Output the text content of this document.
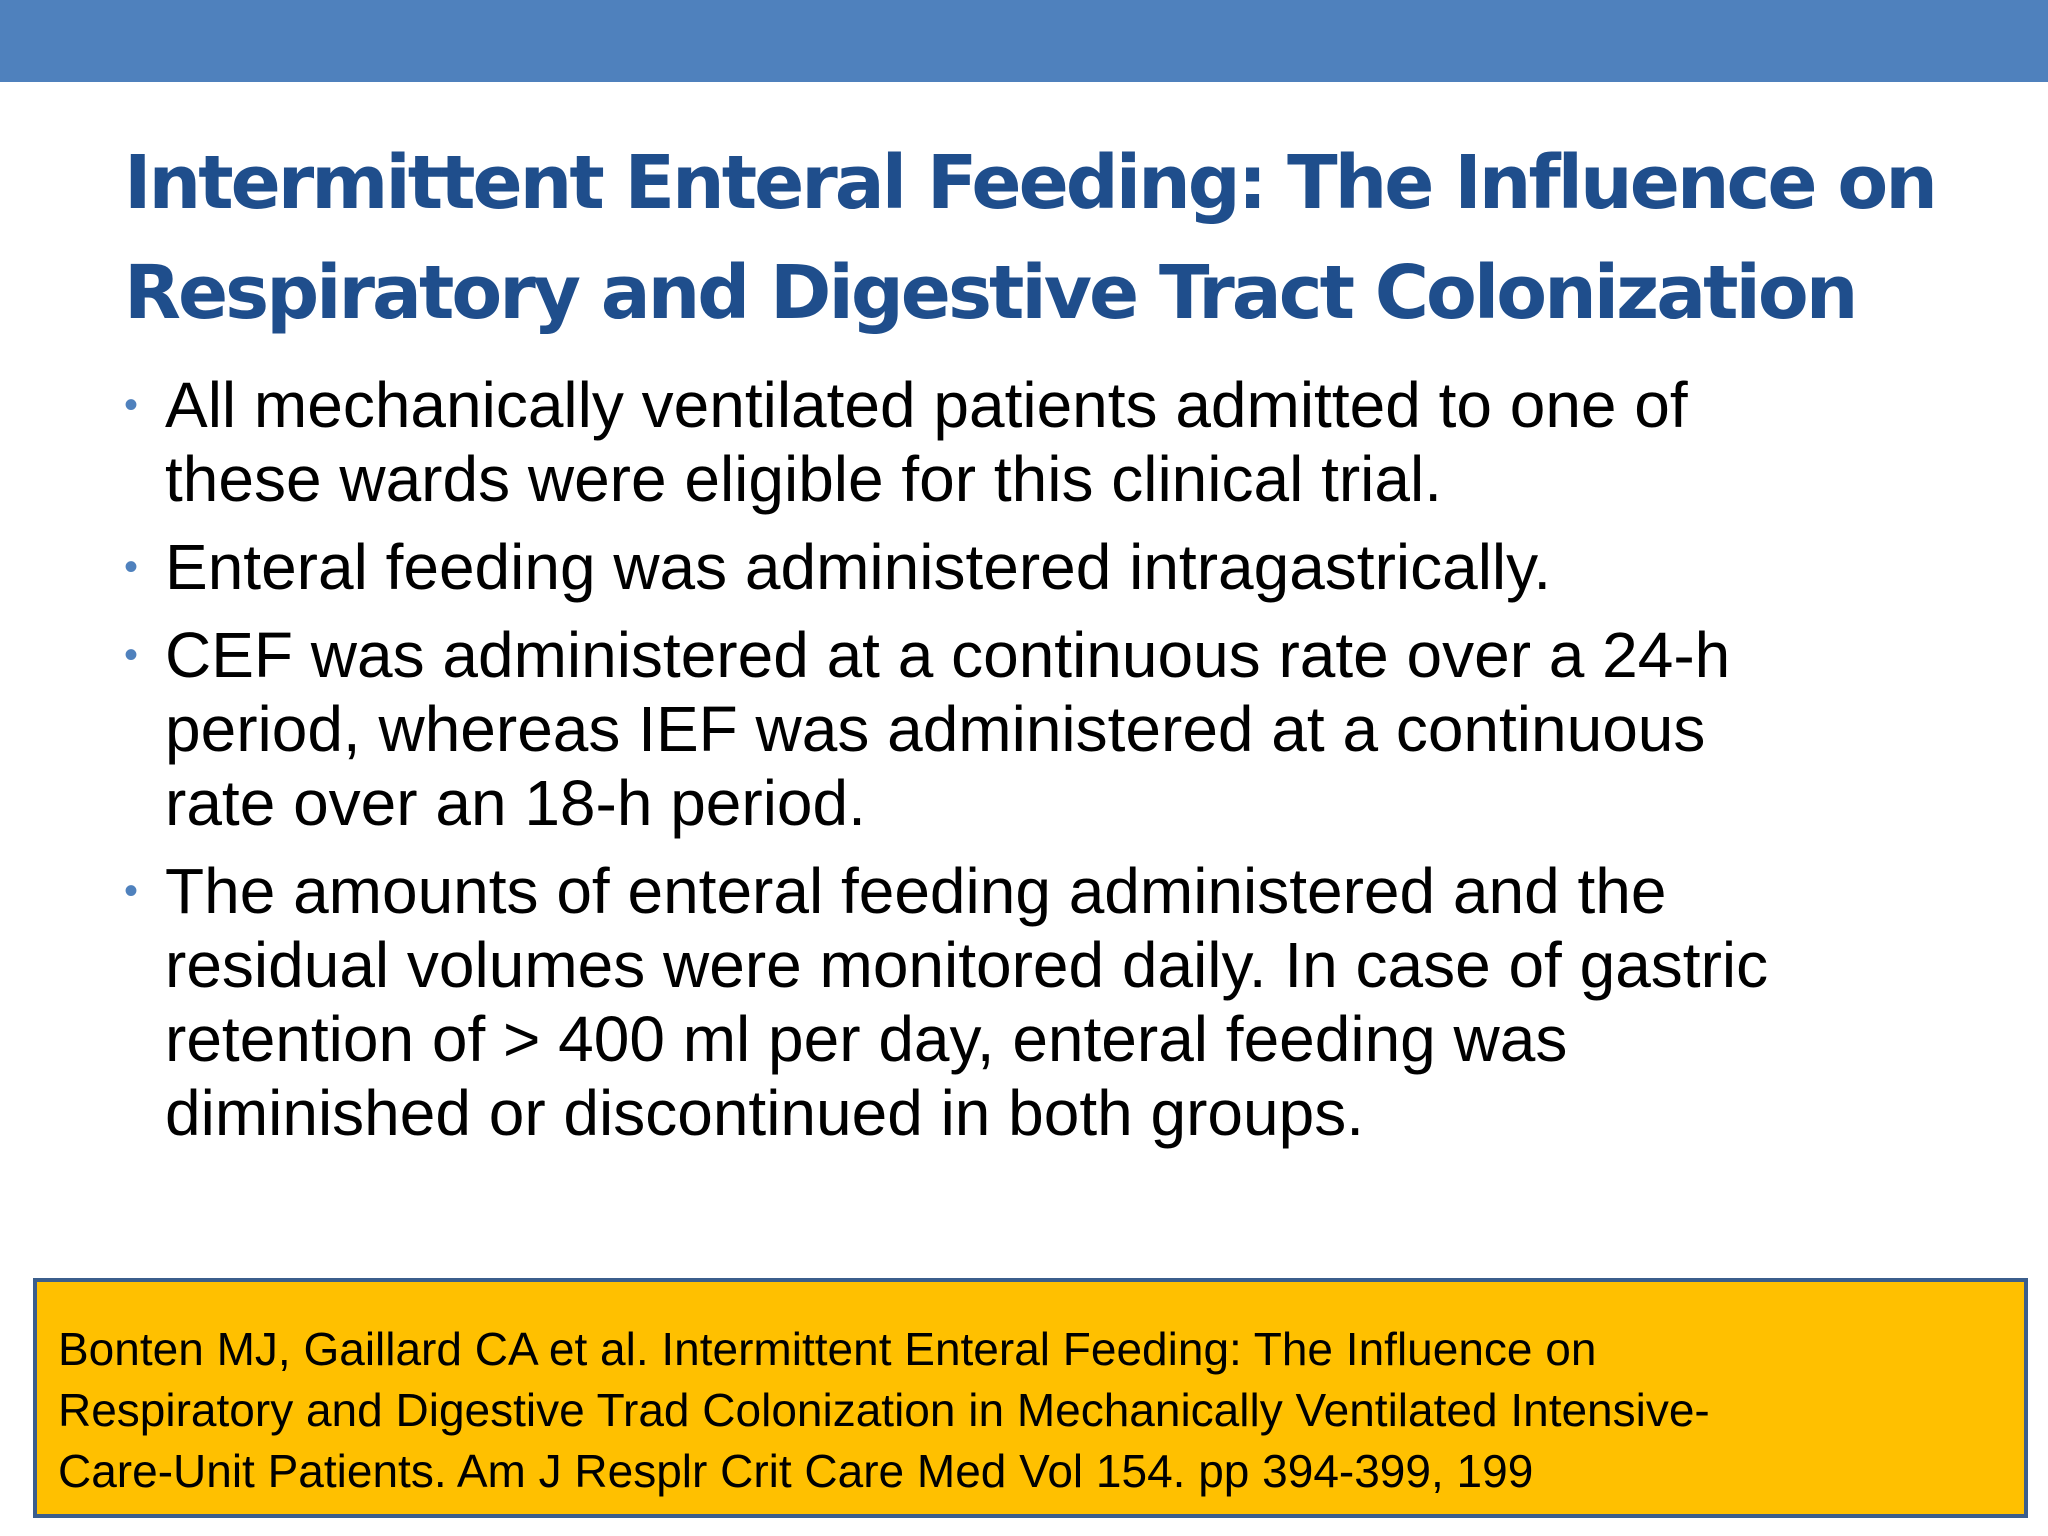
Intermittent Enteral Feeding: The Influence on
Respiratory and Digestive Tract Colonization
• All mechanically ventilated patients admitted to one of
these wards were eligible for this clinical trial.
• Enteral feeding was administered intragastrically.
• CEF was administered at a continuous rate over a 24-h
period, whereas IEF was administered at a continuous
rate over an 18-h period.
• The amounts of enteral feeding administered and the
residual volumes were monitored daily. In case of gastric
retention of > 400 ml per day, enteral feeding was
diminished or discontinued in both groups.
Bonten MJ, Gaillard CA et al. Intermittent Enteral Feeding: The Influence on
Respiratory and Digestive Trad Colonization in Mechanically Ventilated Intensive-
Care-Unit Patients. Am J Resplr Crit Care Med Vol 154. pp 394-399, 199
